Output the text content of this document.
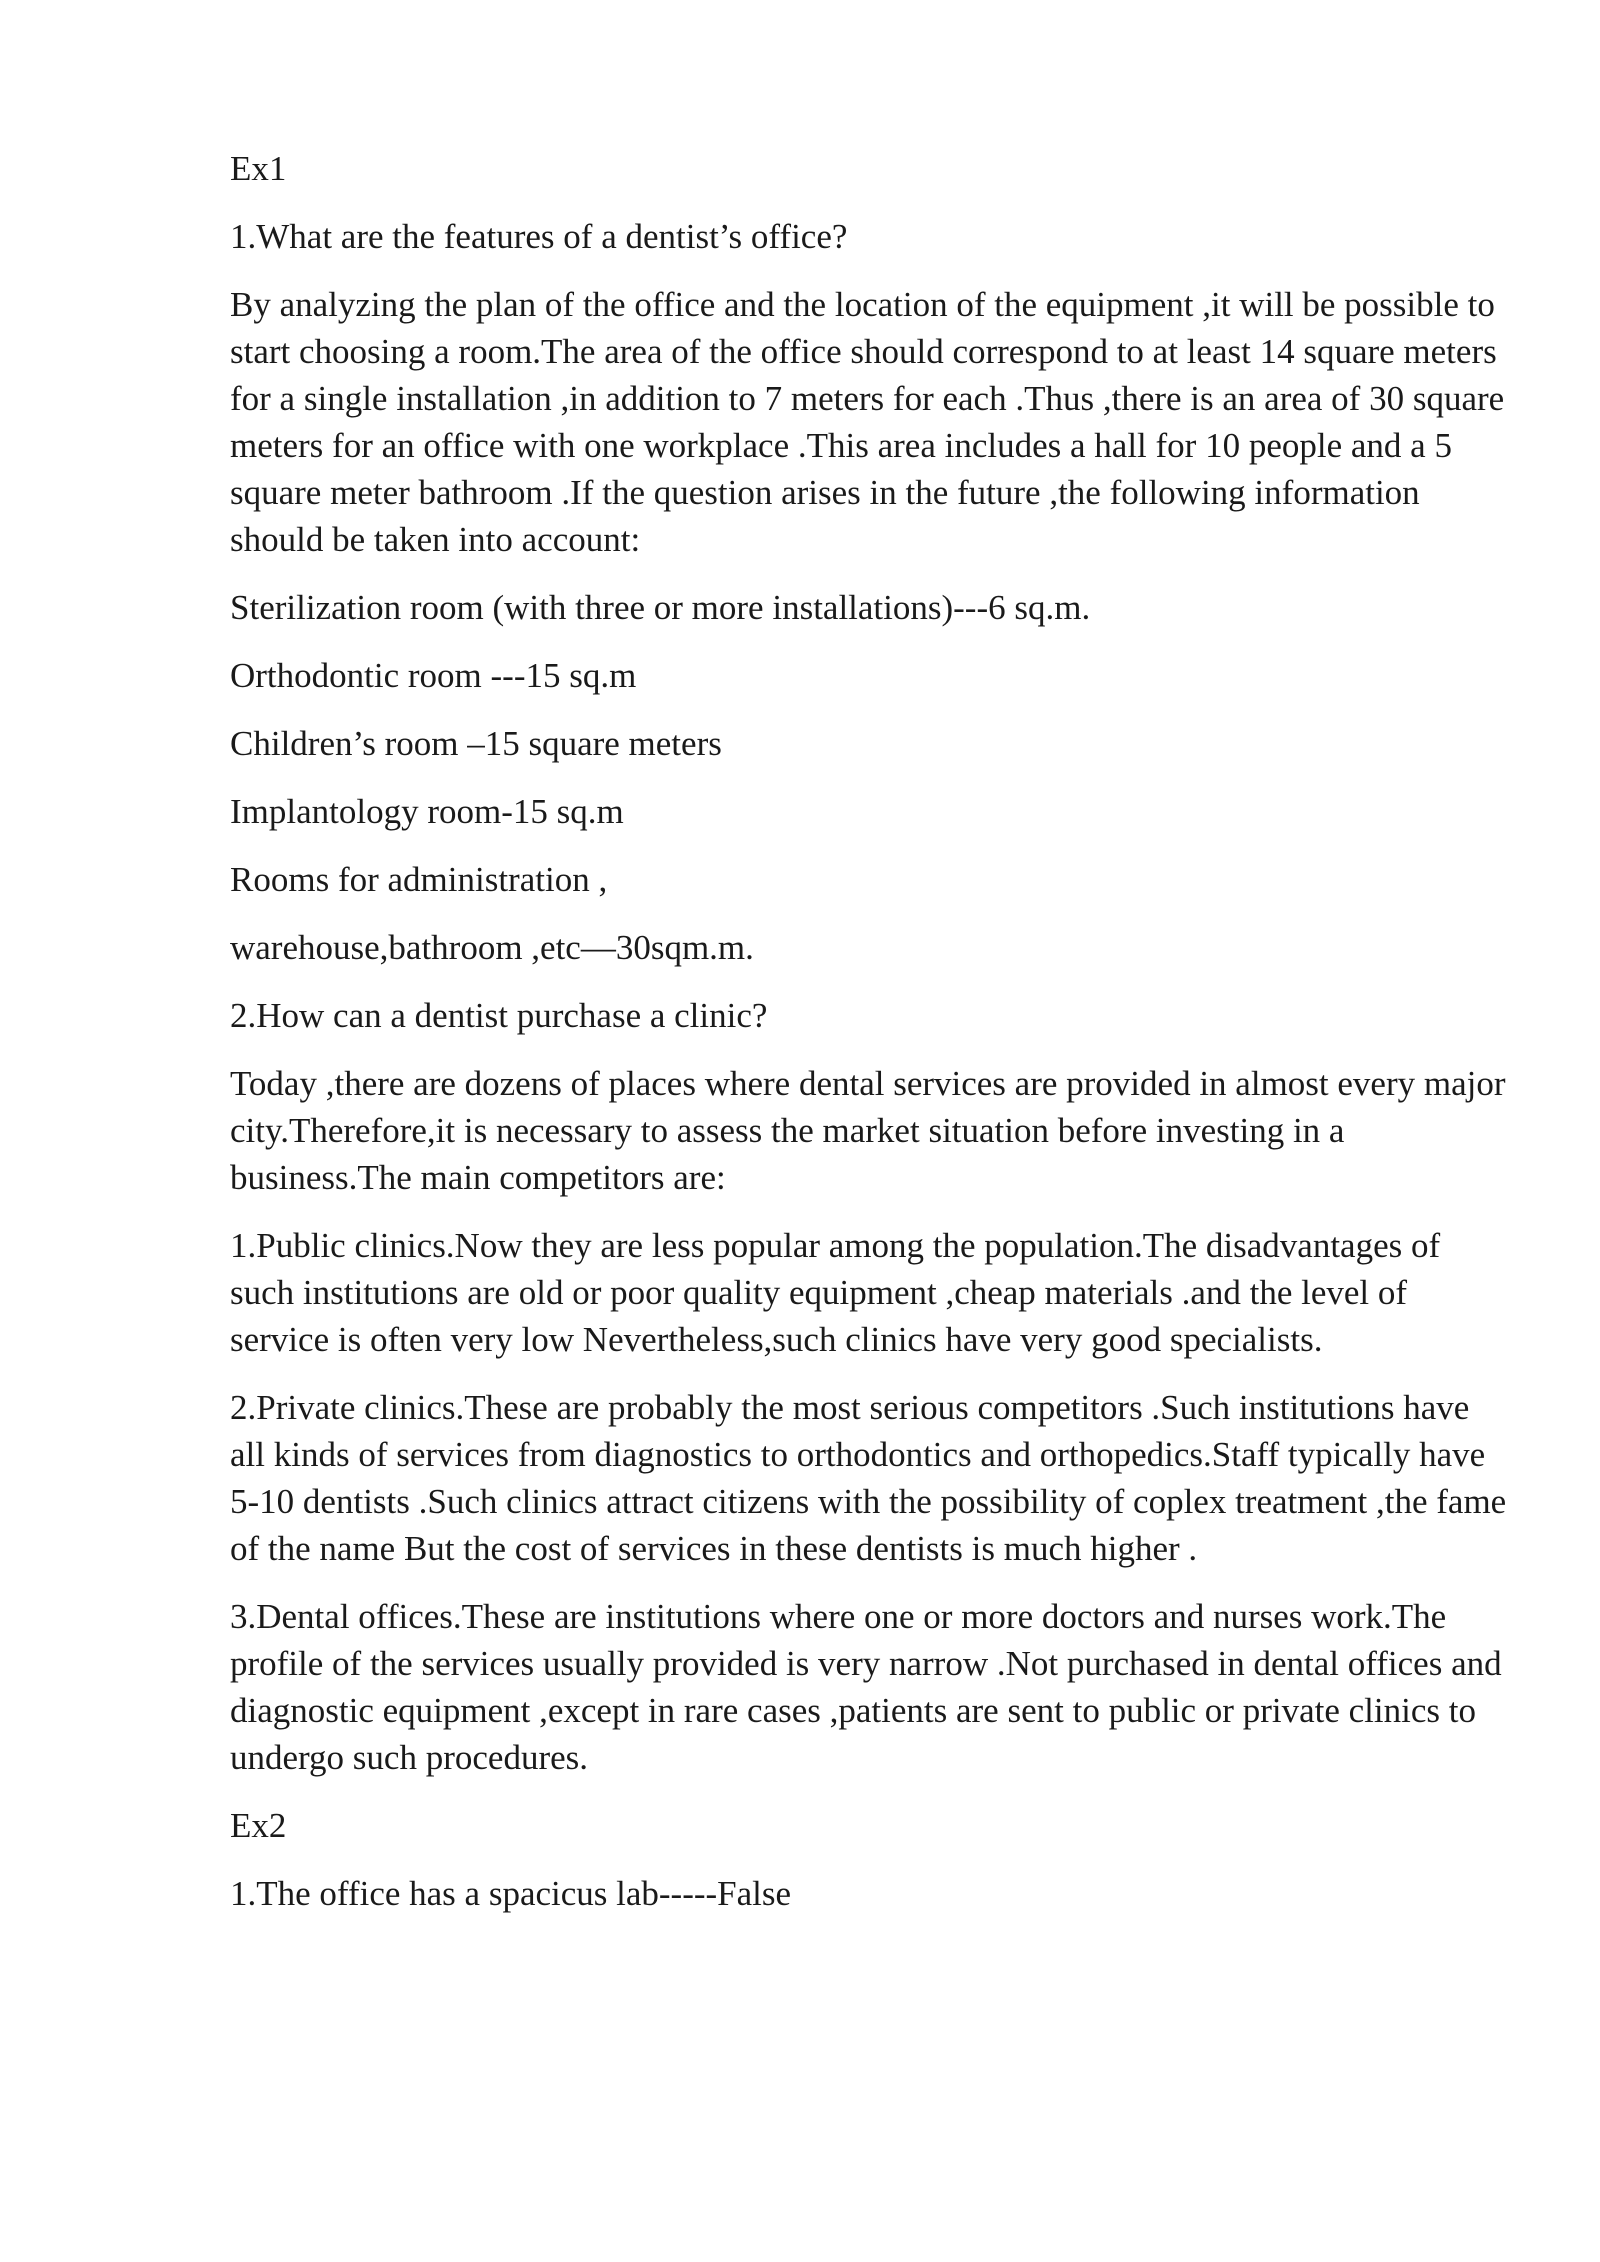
Ex1

1.What are the features of a dentist’s office?

By analyzing the plan of the office and the location of the equipment ,it will be possible to start choosing a room.The area of the office should correspond to at least 14 square meters for a single installation ,in addition to 7 meters for each .Thus ,there is an area of 30 square meters for an office with one workplace .This area includes a hall for 10 people and a 5 square meter bathroom .If the question arises in the future ,the following information should be taken into account:

Sterilization room (with three or more installations)---6 sq.m.

Orthodontic room ---15 sq.m

Children’s room –15 square meters

Implantology room-15 sq.m

Rooms for administration ,

warehouse,bathroom ,etc—30sqm.m.

2.How can a dentist purchase a clinic?

Today ,there are dozens of places where dental services are provided in almost every major city.Therefore,it is necessary to assess the market situation before investing in a business.The main competitors are:

1.Public clinics.Now they are less popular among the population.The disadvantages of such institutions are old or poor quality equipment ,cheap materials .and the level of service is often very low Nevertheless,such clinics have very good specialists.

2.Private clinics.These are probably the most serious competitors .Such institutions have all kinds of services from diagnostics to orthodontics and orthopedics.Staff typically have 5-10 dentists .Such clinics attract citizens with the possibility of coplex treatment ,the fame of the name But the cost of services in these dentists is much higher .

3.Dental offices.These are institutions where one or more doctors and nurses work.The profile of the services usually provided is very narrow .Not purchased in dental offices and diagnostic equipment ,except in rare cases ,patients are sent to public or private clinics to undergo such procedures.

Ex2

1.The office has a spacicus lab-----False
